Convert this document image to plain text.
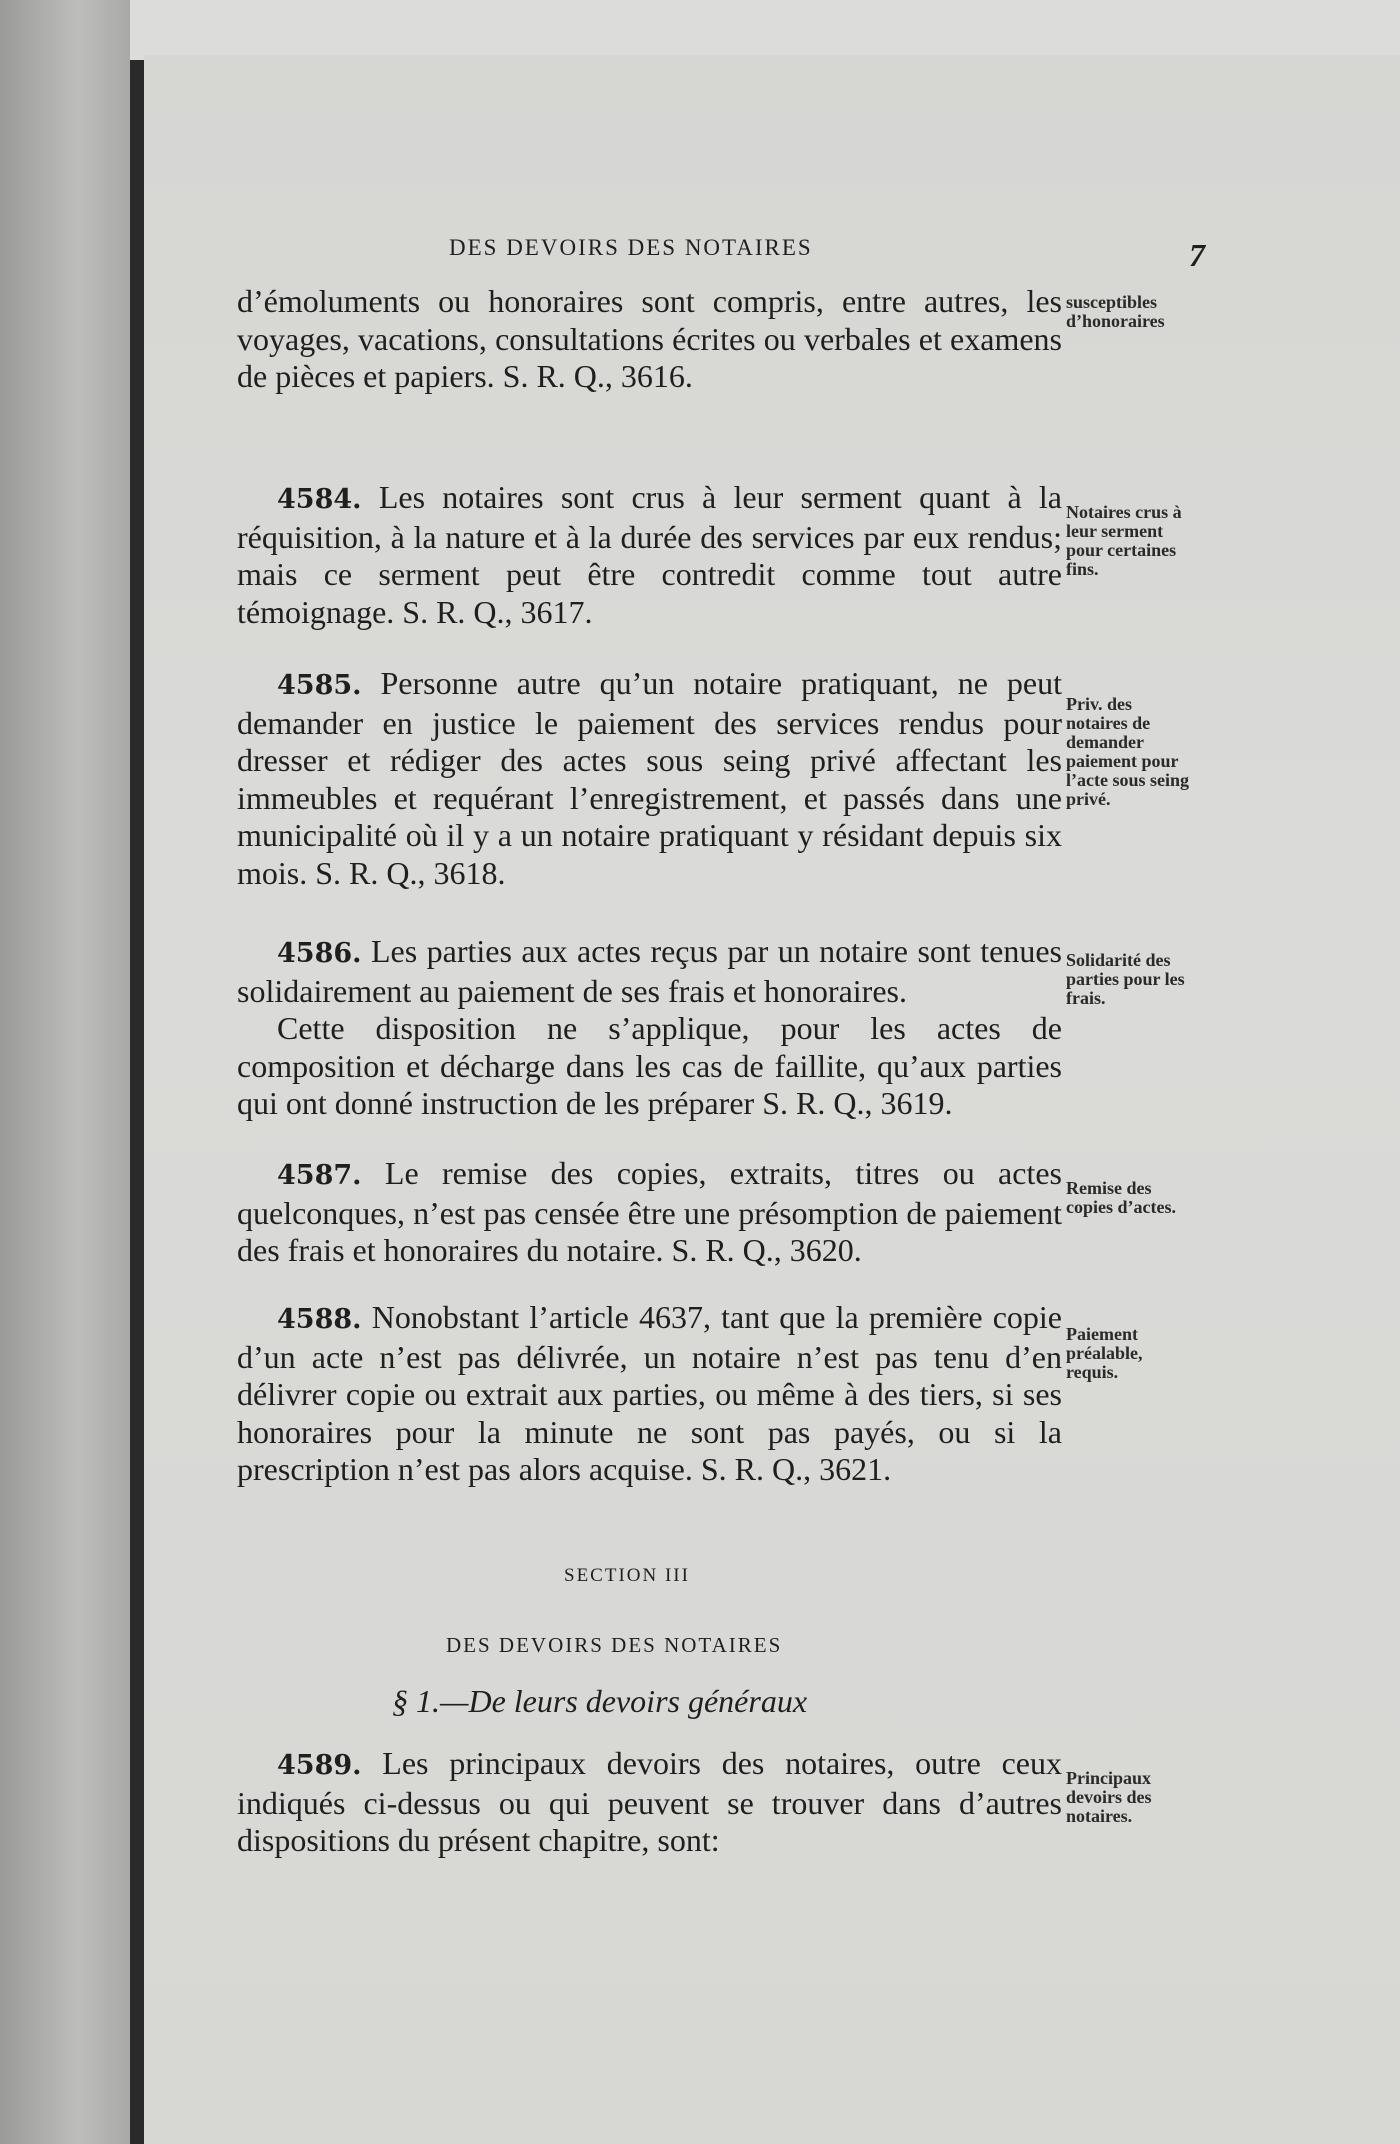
DES DEVOIRS DES NOTAIRES	7

d’émoluments ou honoraires sont compris, entre autres, les voyages, vacations, consultations écrites ou verbales et examens de pièces et papiers. S. R. Q., 3616.

susceptibles d’honoraires

4584. Les notaires sont crus à leur serment quant à la réquisition, à la nature et à la durée des services par eux rendus; mais ce serment peut être contredit comme tout autre témoignage. S. R. Q., 3617.

Notaires crus à leur serment pour certaines fins.

4585. Personne autre qu’un notaire pratiquant, ne peut demander en justice le paiement des services rendus pour dresser et rédiger des actes sous seing privé affectant les immeubles et requérant l’enregistrement, et passés dans une municipalité où il y a un notaire pratiquant y résidant depuis six mois. S. R. Q., 3618.

Priv. des notaires de demander paiement pour l’acte sous seing privé.

4586. Les parties aux actes reçus par un notaire sont tenues solidairement au paiement de ses frais et honoraires.

Cette disposition ne s’applique, pour les actes de composition et décharge dans les cas de faillite, qu’aux parties qui ont donné instruction de les préparer S. R. Q., 3619.

Solidarité des parties pour les frais.

4587. Le remise des copies, extraits, titres ou actes quelconques, n’est pas censée être une présomption de paiement des frais et honoraires du notaire. S. R. Q., 3620.

Remise des copies d’actes.

4588. Nonobstant l’article 4637, tant que la première copie d’un acte n’est pas délivrée, un notaire n’est pas tenu d’en délivrer copie ou extrait aux parties, ou même à des tiers, si ses honoraires pour la minute ne sont pas payés, ou si la prescription n’est pas alors acquise. S. R. Q., 3621.

Paiement préalable, requis.
SECTION III
DES DEVOIRS DES NOTAIRES
§ 1.—De leurs devoirs généraux

4589. Les principaux devoirs des notaires, outre ceux indiqués ci-dessus ou qui peuvent se trouver dans d’autres dispositions du présent chapitre, sont:

Principaux devoirs des notaires.
